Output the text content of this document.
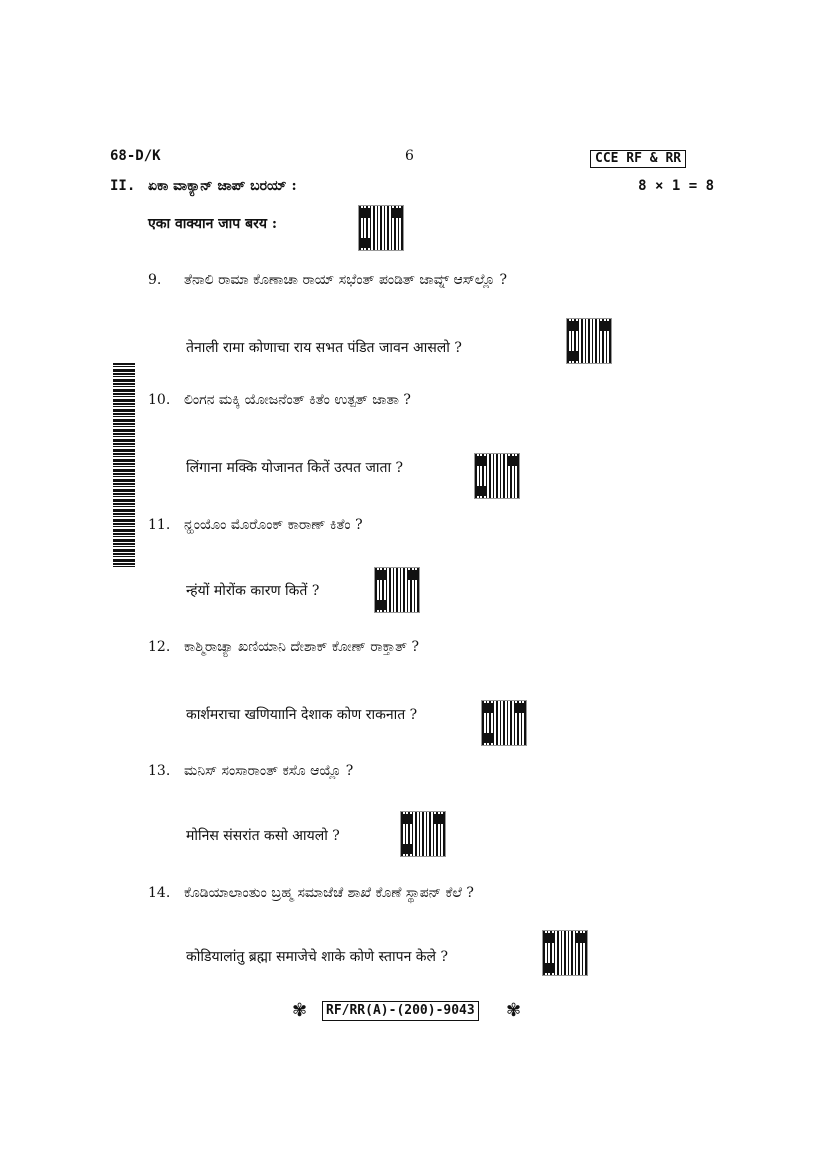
68-D/K	6	CCE RF & RR
II. ಏಕಾ ವಾಕ್ಯಾನ್ ಜಾಪ್ ಬರಯ್ :	8 × 1 = 8
एका वाक्यान जाप बरय :
9. ತೆನಾಲಿ ರಾಮಾ ಕೊಣಾಚಾ ರಾಯ್ ಸಭೆಂತ್ ಪಂಡಿತ್ ಜಾವ್ನ್ ಆಸ್‌ಲ್ಲೊ ?
तेनाली रामा कोणाचा राय सभत पंडित जावन आसलो ?
10. ಲಿಂಗನ ಮಕ್ಕಿ ಯೋಜನೆಂತ್ ಕಿತೆಂ ಉತ್ಪತ್ ಜಾತಾ ?
लिंगाना मक्कि योजानत कितें उत्पत जाता ?
11. ನ್ಹಂಯೊಂ ಮೊರೊಂಕ್ ಕಾರಾಣ್ ಕಿತೆಂ ?
न्हंयों मोरोंक कारण कितें ?
12. ಕಾಶ್ಮಿರಾಚ್ಯಾ ಖಣಿಯಾನಿ ದೇಶಾಕ್ ಕೋಣ್ ರಾಕ್ತಾತ್ ?
कार्शमराचा खणियाानि देशाक कोण राकनात ?
13. ಮನಿಸ್ ಸಂಸಾರಾಂತ್ ಕಸೊ ಆಯ್ಲೊ ?
मोनिस संसरांत कसो आयलो ?
14. ಕೊಡಿಯಾಲಾಂತುಂ ಬ್ರಹ್ಮ ಸಮಾಜೆಚೆ ಶಾಖೆ ಕೊಣೆ ಸ್ಥಾಪನ್ ಕೆಲೆ ?
कोडियालांतु ब्रह्मा समाजेचे शाके कोणे स्तापन केले ?
✾	RF/RR(A)-(200)-9043 ✾
